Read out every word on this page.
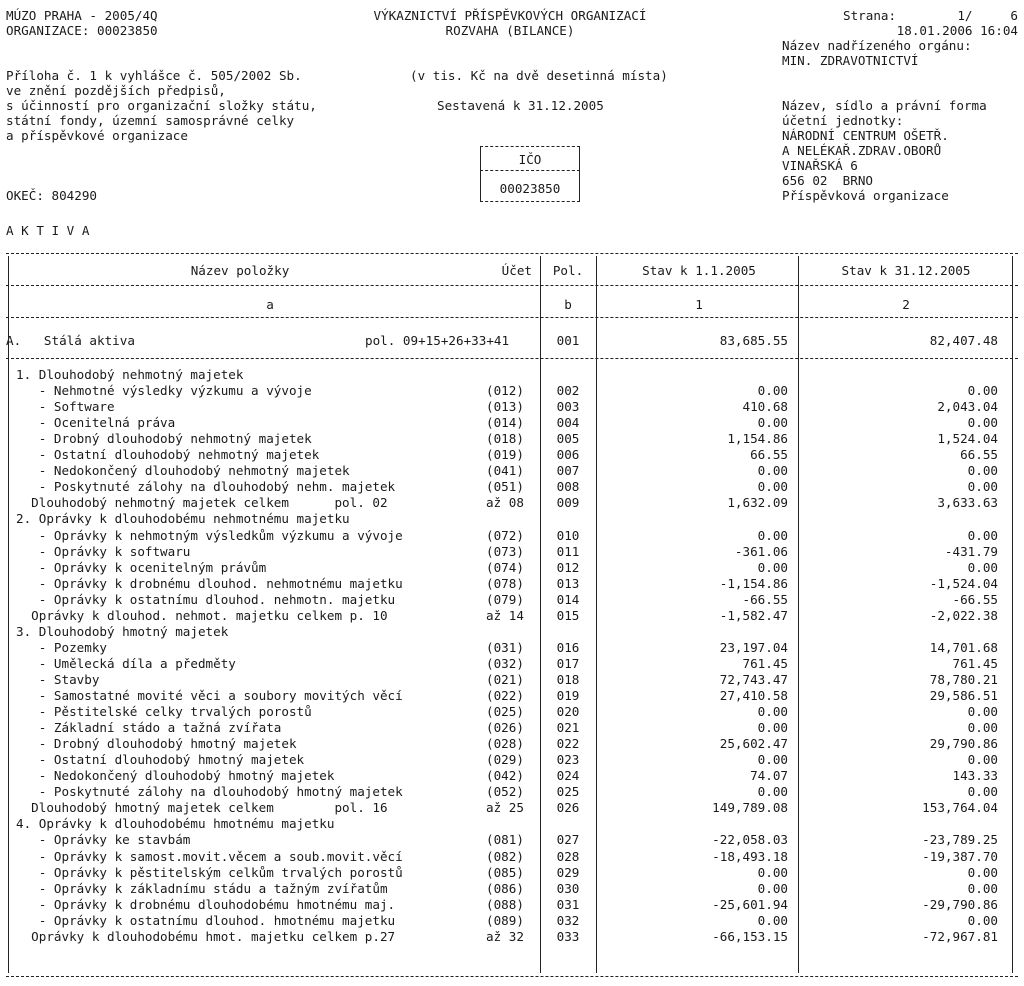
MÚZO PRAHA - 2005/4Q
ORGANIZACE: 00023850
VÝKAZNICTVÍ PŘÍSPĚVKOVÝCH ORGANIZACÍ
ROZVAHA (BILANCE)
Strana:	1/     6
18.01.2006 16:04
Název nadřízeného orgánu:
MIN. ZDRAVOTNICTVÍ
Příloha č. 1 k vyhlášce č. 505/2002 Sb.
ve znění pozdějších předpisů,
s účinností pro organizační složky státu,
státní fondy, územní samosprávné celky
a příspěvkové organizace
(v tis. Kč na dvě desetinná místa)
Sestavená k 31.12.2005
IČO
00023850
Název, sídlo a právní forma
účetní jednotky:
NÁRODNÍ CENTRUM OŠETŘ.
A NELÉKAŘ.ZDRAV.OBORŮ
VINAŘSKÁ 6
656 02  BRNO
Příspěvková organizace
OKEČ: 804290
A K T I V A
Název položky	Účet	Pol.	Stav k 1.1.2005	Stav k 31.12.2005
a	b	1	2
A.   Stálá aktiva	pol. 09+15+26+33+41	001	83,685.55	82,407.48
1. Dlouhodobý nehmotný majetek
- Nehmotné výsledky výzkumu a vývoje	(012)	002	0.00	0.00
- Software	(013)	003	410.68	2,043.04
- Ocenitelná práva	(014)	004	0.00	0.00
- Drobný dlouhodobý nehmotný majetek	(018)	005	1,154.86	1,524.04
- Ostatní dlouhodobý nehmotný majetek	(019)	006	66.55	66.55
- Nedokončený dlouhodobý nehmotný majetek	(041)	007	0.00	0.00
- Poskytnuté zálohy na dlouhodobý nehm. majetek	(051)	008	0.00	0.00
Dlouhodobý nehmotný majetek celkem      pol. 02	až 08	009	1,632.09	3,633.63
2. Oprávky k dlouhodobému nehmotnému majetku
- Oprávky k nehmotným výsledkům výzkumu a vývoje	(072)	010	0.00	0.00
- Oprávky k softwaru	(073)	011	-361.06	-431.79
- Oprávky k ocenitelným právům	(074)	012	0.00	0.00
- Oprávky k drobnému dlouhod. nehmotnému majetku	(078)	013	-1,154.86	-1,524.04
- Oprávky k ostatnímu dlouhod. nehmotn. majetku	(079)	014	-66.55	-66.55
Oprávky k dlouhod. nehmot. majetku celkem p. 10	až 14	015	-1,582.47	-2,022.38
3. Dlouhodobý hmotný majetek
- Pozemky	(031)	016	23,197.04	14,701.68
- Umělecká díla a předměty	(032)	017	761.45	761.45
- Stavby	(021)	018	72,743.47	78,780.21
- Samostatné movité věci a soubory movitých věcí	(022)	019	27,410.58	29,586.51
- Pěstitelské celky trvalých porostů	(025)	020	0.00	0.00
- Základní stádo a tažná zvířata	(026)	021	0.00	0.00
- Drobný dlouhodobý hmotný majetek	(028)	022	25,602.47	29,790.86
- Ostatní dlouhodobý hmotný majetek	(029)	023	0.00	0.00
- Nedokončený dlouhodobý hmotný majetek	(042)	024	74.07	143.33
- Poskytnuté zálohy na dlouhodobý hmotný majetek	(052)	025	0.00	0.00
Dlouhodobý hmotný majetek celkem        pol. 16	až 25	026	149,789.08	153,764.04
4. Oprávky k dlouhodobému hmotnému majetku
- Oprávky ke stavbám	(081)	027	-22,058.03	-23,789.25
- Oprávky k samost.movit.věcem a soub.movit.věcí	(082)	028	-18,493.18	-19,387.70
- Oprávky k pěstitelským celkům trvalých porostů	(085)	029	0.00	0.00
- Oprávky k základnímu stádu a tažným zvířatům	(086)	030	0.00	0.00
- Oprávky k drobnému dlouhodobému hmotnému maj.	(088)	031	-25,601.94	-29,790.86
- Oprávky k ostatnímu dlouhod. hmotnému majetku	(089)	032	0.00	0.00
Oprávky k dlouhodobému hmot. majetku celkem p.27	až 32	033	-66,153.15	-72,967.81
